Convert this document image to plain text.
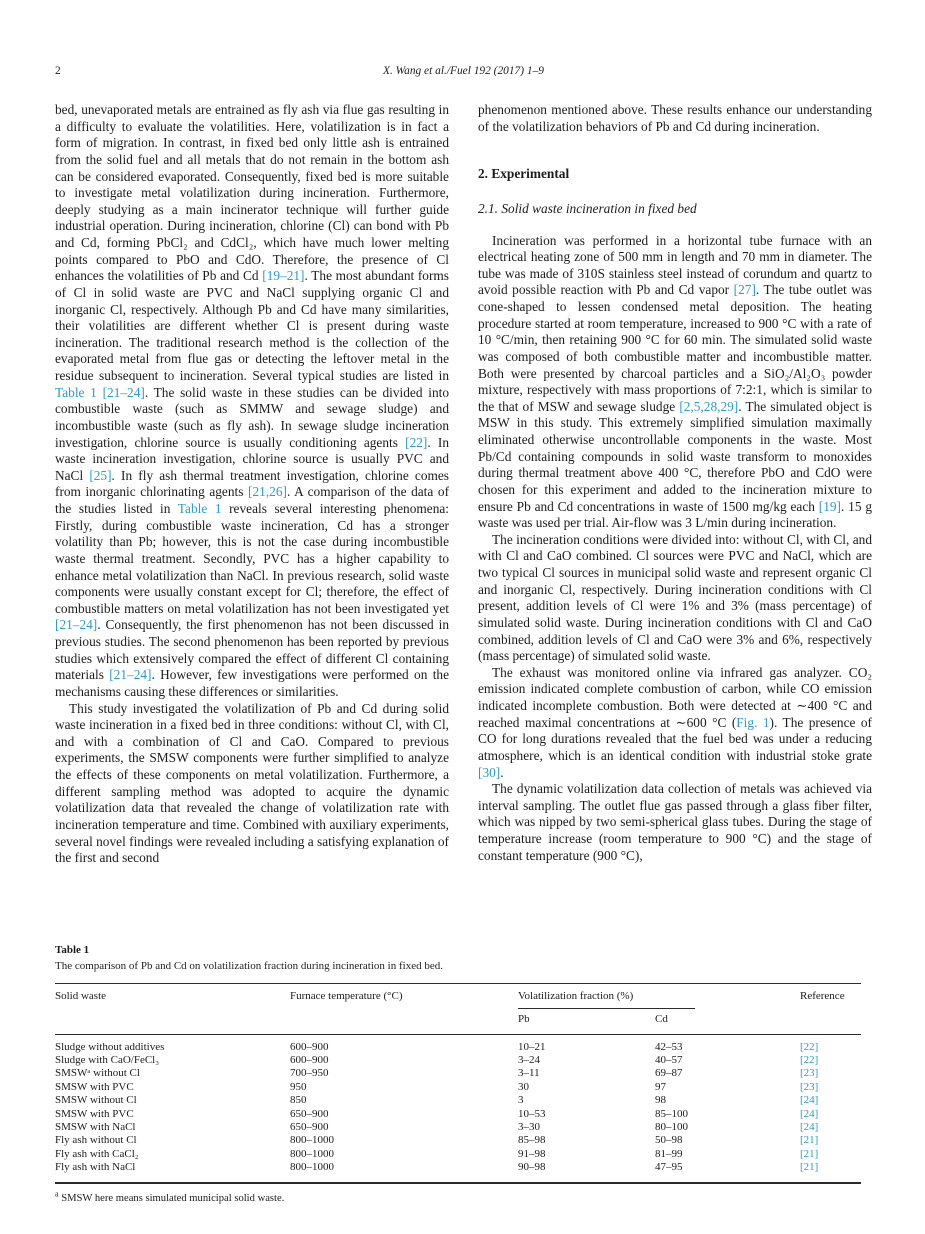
2	X. Wang et al./Fuel 192 (2017) 1–9

bed, unevaporated metals are entrained as fly ash via flue gas resulting in a difficulty to evaluate the volatilities. Here, volatilization is in fact a form of migration. In contrast, in fixed bed only little ash is entrained from the solid fuel and all metals that do not remain in the bottom ash can be considered evaporated. Consequently, fixed bed is more suitable to investigate metal volatilization during incineration. Furthermore, deeply studying as a main incinerator technique will further guide industrial operation. During incineration, chlorine (Cl) can bond with Pb and Cd, forming PbCl₂ and CdCl₂, which have much lower melting points compared to PbO and CdO. Therefore, the presence of Cl enhances the volatilities of Pb and Cd [19–21]. The most abundant forms of Cl in solid waste are PVC and NaCl supplying organic Cl and inorganic Cl, respectively. Although Pb and Cd have many similarities, their volatilities are different whether Cl is present during waste incineration. The traditional research method is the collection of the evaporated metal from flue gas or detecting the leftover metal in the residue subsequent to incineration. Several typical studies are listed in Table 1 [21–24]. The solid waste in these studies can be divided into combustible waste (such as SMMW and sewage sludge) and incombustible waste (such as fly ash). In sewage sludge incineration investigation, chlorine source is usually conditioning agents [22]. In waste incineration investigation, chlorine source is usually PVC and NaCl [25]. In fly ash thermal treatment investigation, chlorine comes from inorganic chlorinating agents [21,26]. A comparison of the data of the studies listed in Table 1 reveals several interesting phenomena: Firstly, during combustible waste incineration, Cd has a stronger volatility than Pb; however, this is not the case during incombustible waste thermal treatment. Secondly, PVC has a higher capability to enhance metal volatilization than NaCl. In previous research, solid waste components were usually constant except for Cl; therefore, the effect of combustible matters on metal volatilization has not been investigated yet [21–24]. Consequently, the first phenomenon has not been discussed in previous studies. The second phenomenon has been reported by previous studies which extensively compared the effect of different Cl containing materials [21–24]. However, few investigations were performed on the mechanisms causing these differences or similarities.

This study investigated the volatilization of Pb and Cd during solid waste incineration in a fixed bed in three conditions: without Cl, with Cl, and with a combination of Cl and CaO. Compared to previous experiments, the SMSW components were further simplified to analyze the effects of these components on metal volatilization. Furthermore, a different sampling method was adopted to acquire the dynamic volatilization data that revealed the change of volatilization rate with incineration temperature and time. Combined with auxiliary experiments, several novel findings were revealed including a satisfying explanation of the first and second

phenomenon mentioned above. These results enhance our understanding of the volatilization behaviors of Pb and Cd during incineration.

2. Experimental
2.1. Solid waste incineration in fixed bed

Incineration was performed in a horizontal tube furnace with an electrical heating zone of 500 mm in length and 70 mm in diameter. The tube was made of 310S stainless steel instead of corundum and quartz to avoid possible reaction with Pb and Cd vapor [27]. The tube outlet was cone-shaped to lessen condensed metal deposition. The heating procedure started at room temperature, increased to 900 °C with a rate of 10 °C/min, then retaining 900 °C for 60 min. The simulated solid waste was composed of both combustible matter and incombustible matter. Both were presented by charcoal particles and a SiO₂/Al₂O₃ powder mixture, respectively with mass proportions of 7:2:1, which is similar to the that of MSW and sewage sludge [2,5,28,29]. The simulated object is MSW in this study. This extremely simplified simulation maximally eliminated otherwise uncontrollable components in the waste. Most Pb/Cd containing compounds in solid waste transform to monoxides during thermal treatment above 400 °C, therefore PbO and CdO were chosen for this experiment and added to the incineration mixture to ensure Pb and Cd concentrations in waste of 1500 mg/kg each [19]. 15 g waste was used per trial. Air-flow was 3 L/min during incineration.

The incineration conditions were divided into: without Cl, with Cl, and with Cl and CaO combined. Cl sources were PVC and NaCl, which are two typical Cl sources in municipal solid waste and represent organic Cl and inorganic Cl, respectively. During incineration conditions with Cl present, addition levels of Cl were 1% and 3% (mass percentage) of simulated solid waste. During incineration conditions with Cl and CaO combined, addition levels of Cl and CaO were 3% and 6%, respectively (mass percentage) of simulated solid waste.

The exhaust was monitored online via infrared gas analyzer. CO₂ emission indicated complete combustion of carbon, while CO emission indicated incomplete combustion. Both were detected at ∼400 °C and reached maximal concentrations at ∼600 °C (Fig. 1). The presence of CO for long durations revealed that the fuel bed was under a reducing atmosphere, which is an identical condition with industrial stoke grate [30].

The dynamic volatilization data collection of metals was achieved via interval sampling. The outlet flue gas passed through a glass fiber filter, which was nipped by two semi-spherical glass tubes. During the stage of temperature increase (room temperature to 900 °C) and the stage of constant temperature (900 °C),

Table 1
The comparison of Pb and Cd on volatilization fraction during incineration in fixed bed.
Solid waste	Furnace temperature (°C)	Volatilization fraction (%)	Reference
Pb	Cd
Sludge without additives	600–900	10–21	42–53	[22]
Sludge with CaO/FeCl₃	600–900	3–24	40–57	[22]
SMSWᵃ without Cl	700–950	3–11	69–87	[23]
SMSW with PVC	950	30	97	[23]
SMSW without Cl	850	3	98	[24]
SMSW with PVC	650–900	10–53	85–100	[24]
SMSW with NaCl	650–900	3–30	80–100	[24]
Fly ash without Cl	800–1000	85–98	50–98	[21]
Fly ash with CaCl₂	800–1000	91–98	81–99	[21]
Fly ash with NaCl	800–1000	90–98	47–95	[21]
$^a$ SMSW here means simulated municipal solid waste.
